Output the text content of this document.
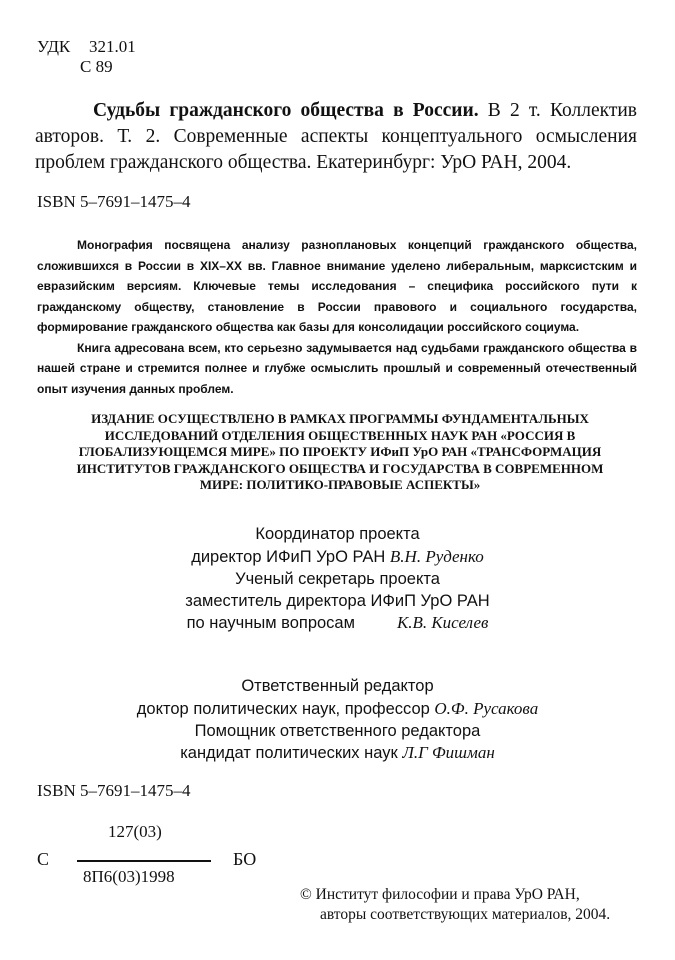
УДК 321.01
С 89
Судьбы гражданского общества в России. В 2 т. Коллектив авторов. Т. 2. Современные аспекты концептуального осмысления проблем гражданского общества. Екатеринбург: УрО РАН, 2004.
ISBN 5–7691–1475–4

Монография посвящена анализу разноплановых концепций гражданского общества, сложившихся в России в XIX–XX вв. Главное внимание уделено либеральным, марксистским и евразийским версиям. Ключевые темы исследования – специфика российского пути к гражданскому обществу, становление в России правового и социального государства, формирование гражданского общества как базы для консолидации российского социума.

Книга адресована всем, кто серьезно задумывается над судьбами гражданского общества в нашей стране и стремится полнее и глубже осмыслить прошлый и современный отечественный опыт изучения данных проблем.

ИЗДАНИЕ ОСУЩЕСТВЛЕНО В РАМКАХ ПРОГРАММЫ ФУНДАМЕНТАЛЬНЫХ ИССЛЕДОВАНИЙ ОТДЕЛЕНИЯ ОБЩЕСТВЕННЫХ НАУК РАН «РОССИЯ В ГЛОБАЛИЗУЮЩЕМСЯ МИРЕ» ПО ПРОЕКТУ ИФиП УрО РАН «ТРАНСФОРМАЦИЯ ИНСТИТУТОВ ГРАЖДАНСКОГО ОБЩЕСТВА И ГОСУДАРСТВА В СОВРЕМЕННОМ МИРЕ: ПОЛИТИКО-ПРАВОВЫЕ АСПЕКТЫ»
Координатор проекта
директор ИФиП УрО РАН В.Н. Руденко
Ученый секретарь проекта
заместитель директора ИФиП УрО РАН
по научным вопросам К.В. Киселев
Ответственный редактор
доктор политических наук, профессор О.Ф. Русакова
Помощник ответственного редактора
кандидат политических наук Л.Г Фишман
ISBN 5–7691–1475–4
127(03)
С	БО
8П6(03)1998
© Институт философии и права УрО РАН,
авторы соответствующих материалов, 2004.
